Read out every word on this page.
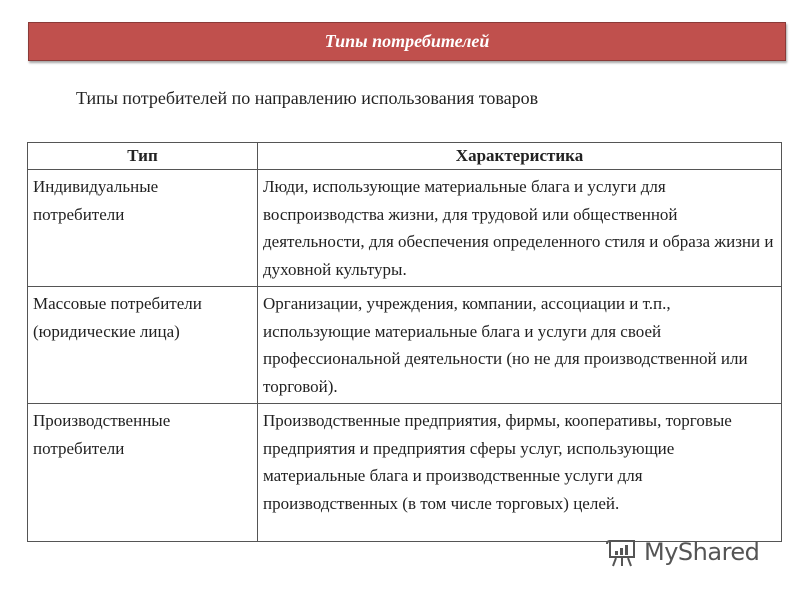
Типы потребителей
Типы потребителей по направлению использования товаров
Тип	Характеристика
Индивидуальные потребители	Люди, использующие материальные блага и услуги для воспроизводства жизни, для трудовой или общественной деятельности, для обеспечения определенного стиля и образа жизни и духовной культуры.
Массовые потребители (юридические лица)	Организации, учреждения, компании, ассоциации и т.п., использующие материальные блага и услуги для своей профессиональной деятельности (но не для производственной или торговой).
Производственные потребители	Производственные предприятия, фирмы, кооперативы, торговые предприятия и предприятия сферы услуг, использующие материальные блага и производственные услуги для производственных (в том числе торговых) целей.
MyShared
